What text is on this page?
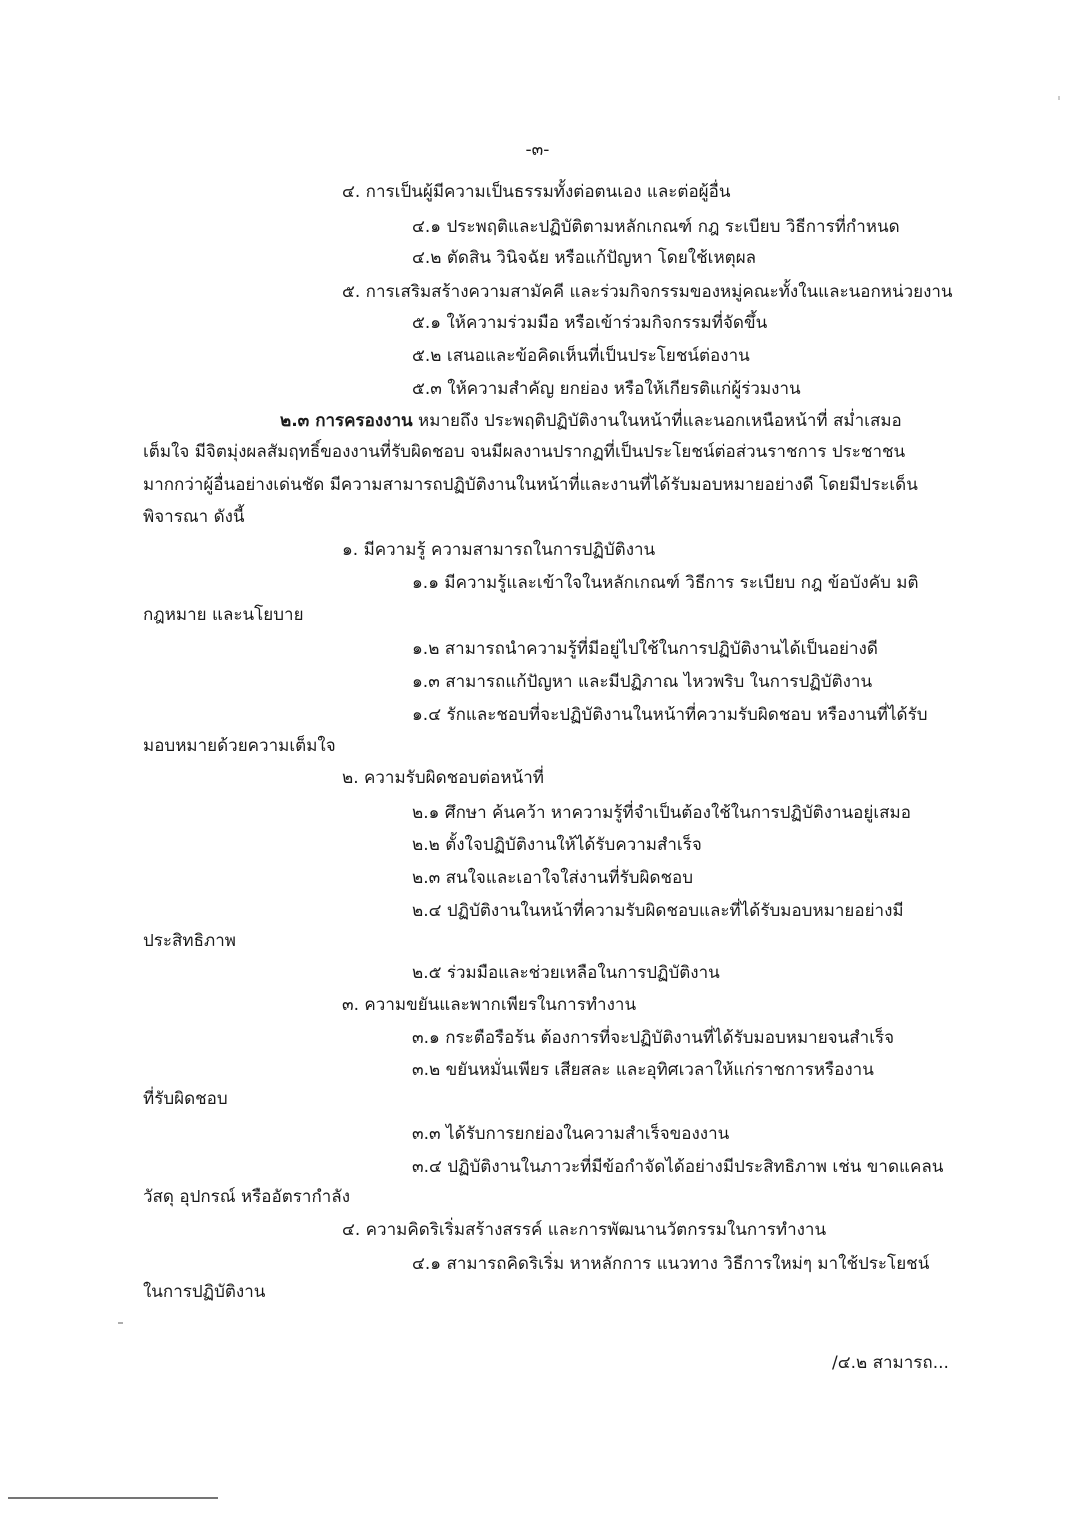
-๓-
๔. การเป็นผู้มีความเป็นธรรมทั้งต่อตนเอง และต่อผู้อื่น
๔.๑ ประพฤติและปฏิบัติตามหลักเกณฑ์ กฎ ระเบียบ วิธีการที่กำหนด
๔.๒ ตัดสิน วินิจฉัย หรือแก้ปัญหา โดยใช้เหตุผล
๕. การเสริมสร้างความสามัคคี และร่วมกิจกรรมของหมู่คณะทั้งในและนอกหน่วยงาน
๕.๑ ให้ความร่วมมือ หรือเข้าร่วมกิจกรรมที่จัดขึ้น
๕.๒ เสนอและข้อคิดเห็นที่เป็นประโยชน์ต่องาน
๕.๓ ให้ความสำคัญ ยกย่อง หรือให้เกียรติแก่ผู้ร่วมงาน
๒.๓ การครองงาน หมายถึง ประพฤติปฏิบัติงานในหน้าที่และนอกเหนือหน้าที่ สม่ำเสมอ
เต็มใจ มีจิตมุ่งผลสัมฤทธิ์ของงานที่รับผิดชอบ จนมีผลงานปรากฏที่เป็นประโยชน์ต่อส่วนราชการ ประชาชน
มากกว่าผู้อื่นอย่างเด่นชัด มีความสามารถปฏิบัติงานในหน้าที่และงานที่ได้รับมอบหมายอย่างดี โดยมีประเด็น
พิจารณา ดังนี้
๑. มีความรู้ ความสามารถในการปฏิบัติงาน
๑.๑ มีความรู้และเข้าใจในหลักเกณฑ์ วิธีการ ระเบียบ กฎ ข้อบังคับ มติ
กฎหมาย และนโยบาย
๑.๒ สามารถนำความรู้ที่มีอยู่ไปใช้ในการปฏิบัติงานได้เป็นอย่างดี
๑.๓ สามารถแก้ปัญหา และมีปฏิภาณ ไหวพริบ ในการปฏิบัติงาน
๑.๔ รักและชอบที่จะปฏิบัติงานในหน้าที่ความรับผิดชอบ หรืองานที่ได้รับ
มอบหมายด้วยความเต็มใจ
๒. ความรับผิดชอบต่อหน้าที่
๒.๑ ศึกษา ค้นคว้า หาความรู้ที่จำเป็นต้องใช้ในการปฏิบัติงานอยู่เสมอ
๒.๒ ตั้งใจปฏิบัติงานให้ได้รับความสำเร็จ
๒.๓ สนใจและเอาใจใส่งานที่รับผิดชอบ
๒.๔ ปฏิบัติงานในหน้าที่ความรับผิดชอบและที่ได้รับมอบหมายอย่างมี
ประสิทธิภาพ
๒.๕ ร่วมมือและช่วยเหลือในการปฏิบัติงาน
๓. ความขยันและพากเพียรในการทำงาน
๓.๑ กระตือรือร้น ต้องการที่จะปฏิบัติงานที่ได้รับมอบหมายจนสำเร็จ
๓.๒ ขยันหมั่นเพียร เสียสละ และอุทิศเวลาให้แก่ราชการหรืองาน
ที่รับผิดชอบ
๓.๓ ได้รับการยกย่องในความสำเร็จของงาน
๓.๔ ปฏิบัติงานในภาวะที่มีข้อกำจัดได้อย่างมีประสิทธิภาพ เช่น ขาดแคลน
วัสดุ อุปกรณ์ หรืออัตรากำลัง
๔. ความคิดริเริ่มสร้างสรรค์ และการพัฒนานวัตกรรมในการทำงาน
๔.๑ สามารถคิดริเริ่ม หาหลักการ แนวทาง วิธีการใหม่ๆ มาใช้ประโยชน์
ในการปฏิบัติงาน
/๔.๒ สามารถ...
